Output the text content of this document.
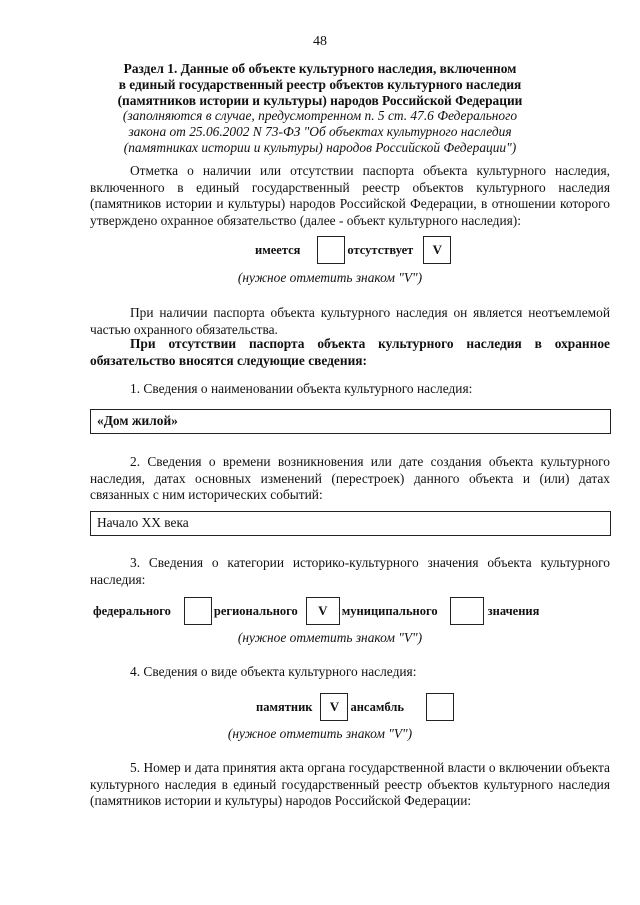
48
Раздел 1. Данные об объекте культурного наследия, включенном
в единый государственный реестр объектов культурного наследия
(памятников истории и культуры) народов Российской Федерации
(заполняются в случае, предусмотренном п. 5 ст. 47.6 Федерального
закона от 25.06.2002 N 73-ФЗ "Об объектах культурного наследия
(памятниках истории и культуры) народов Российской Федерации")
Отметка о наличии или отсутствии паспорта объекта культурного наследия, включенного в единый государственный реестр объектов культурного наследия (памятников истории и культуры) народов Российской Федерации, в отношении которого утверждено охранное обязательство (далее - объект культурного наследия):
имеется	отсутствует	V
(нужное отметить знаком "V")
При наличии паспорта объекта культурного наследия он является неотъемлемой частью охранного обязательства.
При отсутствии паспорта объекта культурного наследия в охранное обязательство вносятся следующие сведения:
1. Сведения о наименовании объекта культурного наследия:
«Дом жилой»
2. Сведения о времени возникновения или дате создания объекта культурного наследия, датах основных изменений (перестроек) данного объекта и (или) датах связанных с ним исторических событий:
Начало XX века
3. Сведения о категории историко-культурного значения объекта культурного наследия:
федерального	регионального	V	муниципального	значения
(нужное отметить знаком "V")
4. Сведения о виде объекта культурного наследия:
памятник	V ансамбль
(нужное отметить знаком "V")
5. Номер и дата принятия акта органа государственной власти о включении объекта культурного наследия в единый государственный реестр объектов культурного наследия (памятников истории и культуры) народов Российской Федерации:
